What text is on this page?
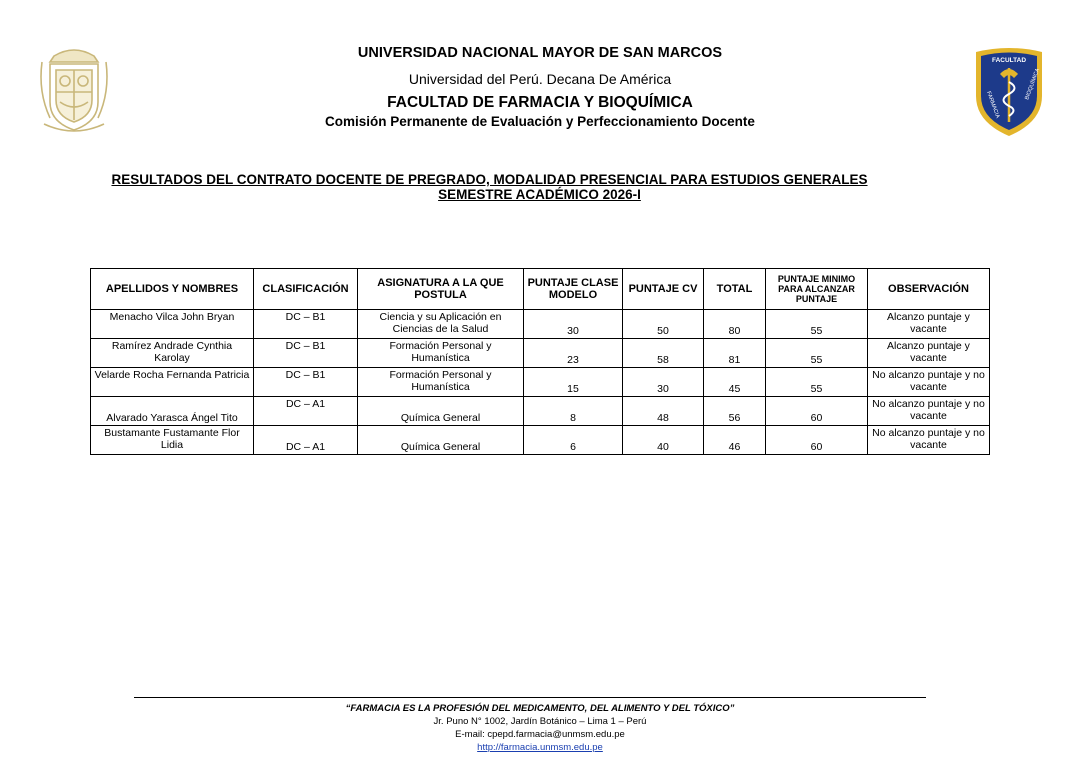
FACULTAD
FARMACIA
BIOQUÍMICA
UNIVERSIDAD NACIONAL MAYOR DE SAN MARCOS
Universidad del Perú. Decana De América
FACULTAD DE FARMACIA Y BIOQUÍMICA
Comisión Permanente de Evaluación y Perfeccionamiento Docente
RESULTADOS DEL CONTRATO DOCENTE DE PREGRADO, MODALIDAD PRESENCIAL PARA ESTUDIOS GENERALES
SEMESTRE ACADÉMICO 2026-I
APELLIDOS Y NOMBRES	CLASIFICACIÓN	ASIGNATURA A LA QUE POSTULA	PUNTAJE CLASE MODELO	PUNTAJE CV	TOTAL	PUNTAJE MINIMO PARA ALCANZAR PUNTAJE	OBSERVACIÓN
Menacho Vilca John Bryan	DC – B1	Ciencia y su Aplicación en Ciencias de la Salud	30	50	80	55	Alcanzo puntaje y vacante
Ramírez Andrade Cynthia Karolay	DC – B1	Formación Personal y Humanística	23	58	81	55	Alcanzo puntaje y vacante
Velarde Rocha Fernanda Patricia	DC – B1	Formación Personal y Humanística	15	30	45	55	No alcanzo puntaje y no vacante
Alvarado Yarasca Ángel Tito	DC – A1	Química General	8	48	56	60	No alcanzo puntaje y no vacante
Bustamante Fustamante Flor Lidia	DC – A1	Química General	6	40	46	60	No alcanzo puntaje y no vacante
“FARMACIA ES LA PROFESIÓN DEL MEDICAMENTO, DEL ALIMENTO Y DEL TÓXICO”
Jr. Puno N° 1002, Jardín Botánico – Lima 1 – Perú
E-mail: cpepd.farmacia@unmsm.edu.pe
http://farmacia.unmsm.edu.pe
